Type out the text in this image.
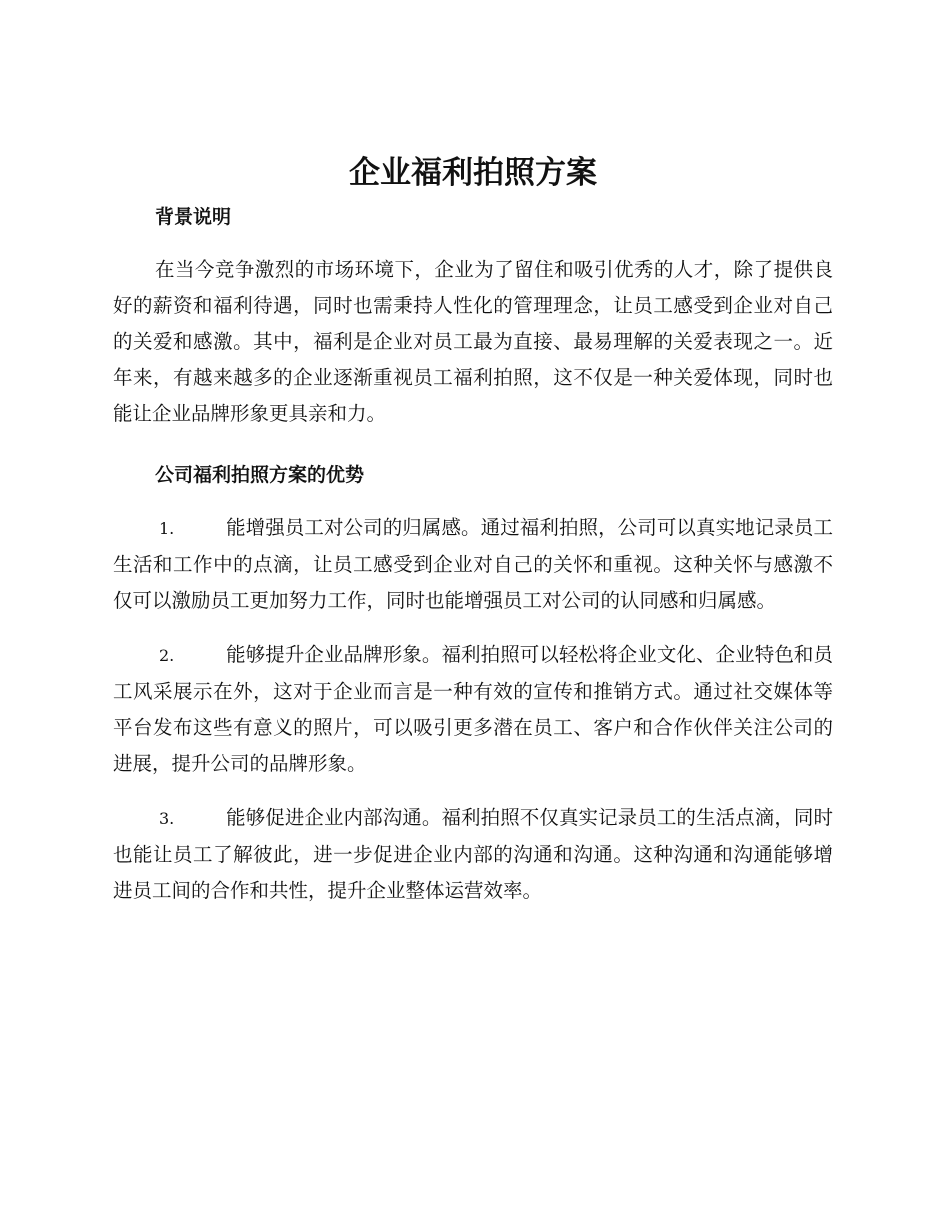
企业福利拍照方案
背景说明

在当今竞争激烈的市场环境下，企业为了留住和吸引优秀的人才，除了提供良好的薪资和福利待遇，同时也需秉持人性化的管理理念，让员工感受到企业对自己的关爱和感激。其中，福利是企业对员工最为直接、最易理解的关爱表现之一。近年来，有越来越多的企业逐渐重视员工福利拍照，这不仅是一种关爱体现，同时也能让企业品牌形象更具亲和力。

公司福利拍照方案的优势

1.	能增强员工对公司的归属感。通过福利拍照，公司可以真实地记录员工生活和工作中的点滴，让员工感受到企业对自己的关怀和重视。这种关怀与感激不仅可以激励员工更加努力工作，同时也能增强员工对公司的认同感和归属感。

2.	能够提升企业品牌形象。福利拍照可以轻松将企业文化、企业特色和员工风采展示在外，这对于企业而言是一种有效的宣传和推销方式。通过社交媒体等平台发布这些有意义的照片，可以吸引更多潜在员工、客户和合作伙伴关注公司的进展，提升公司的品牌形象。

3.	能够促进企业内部沟通。福利拍照不仅真实记录员工的生活点滴，同时也能让员工了解彼此，进一步促进企业内部的沟通和沟通。这种沟通和沟通能够增进员工间的合作和共性，提升企业整体运营效率。
